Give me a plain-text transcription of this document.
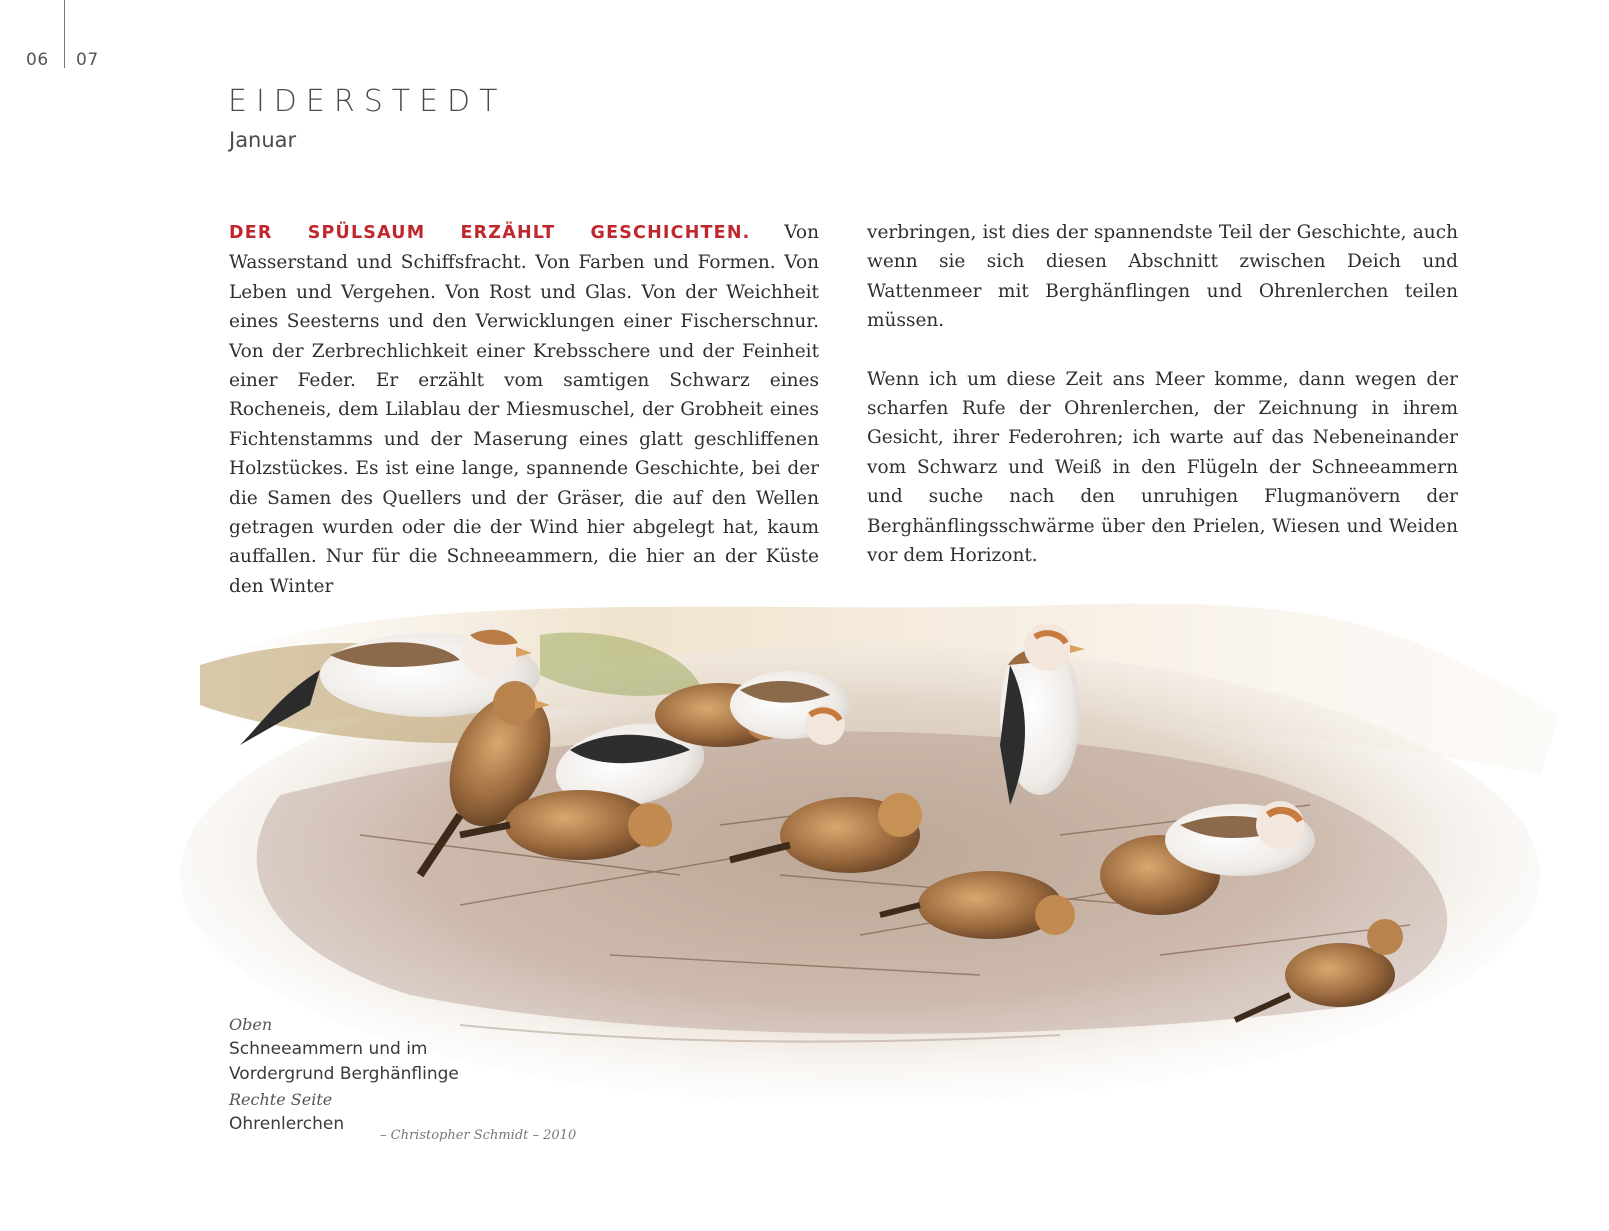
06 07
EIDERSTEDT
Januar

DER SPÜLSAUM ERZÄHLT GESCHICHTEN. Von Wasserstand und Schiffsfracht. Von Farben und Formen. Von Leben und Vergehen. Von Rost und Glas. Von der Weichheit eines Seesterns und den Verwicklungen einer Fischerschnur. Von der Zerbrechlichkeit einer Krebsschere und der Feinheit einer Feder. Er erzählt vom samtigen Schwarz eines Rocheneis, dem Lilablau der Miesmuschel, der Grobheit eines Fichtenstamms und der Maserung eines glatt geschliffenen Holzstückes. Es ist eine lange, spannende Geschichte, bei der die Samen des Quellers und der Gräser, die auf den Wellen getragen wurden oder die der Wind hier abgelegt hat, kaum auffallen. Nur für die Schneeammern, die hier an der Küste den Winter

verbringen, ist dies der spannendste Teil der Geschichte, auch wenn sie sich diesen Abschnitt zwischen Deich und Wattenmeer mit Berghänflingen und Ohrenlerchen teilen müssen.

Wenn ich um diese Zeit ans Meer komme, dann wegen der scharfen Rufe der Ohrenlerchen, der Zeichnung in ihrem Gesicht, ihrer Federohren; ich warte auf das Nebeneinander vom Schwarz und Weiß in den Flügeln der Schneeammern und suche nach den unruhigen Flugmanövern der Berghänflingsschwärme über den Prielen, Wiesen und Weiden vor dem Horizont.

Oben
Schneeammern und im
Vordergrund Berghänflinge
Rechte Seite
Ohrenlerchen
– Christopher Schmidt – 2010
